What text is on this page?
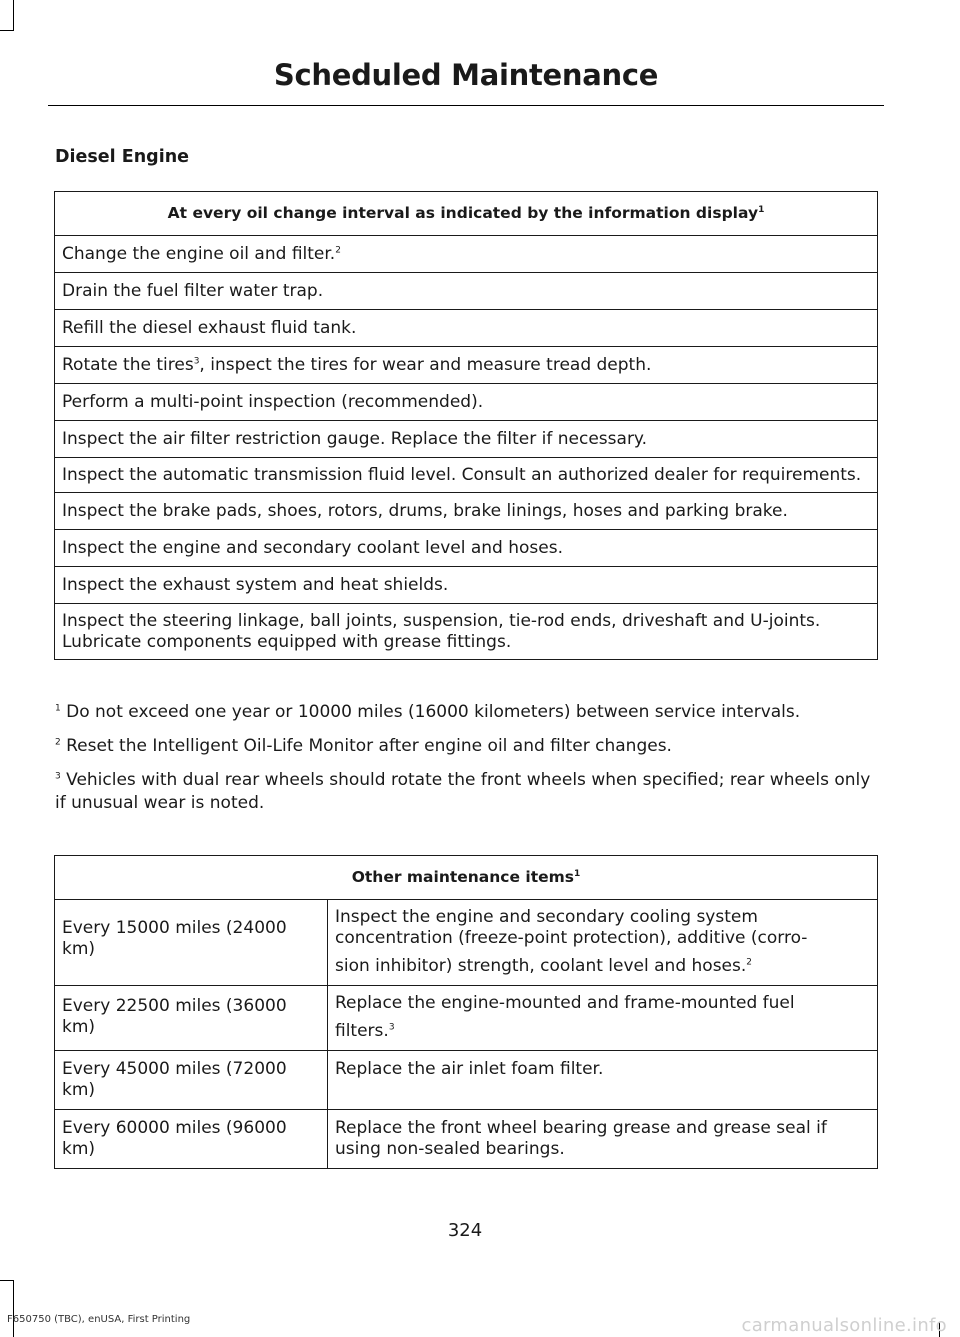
Scheduled Maintenance
Diesel Engine
At every oil change interval as indicated by the information display$^1$
Change the engine oil and filter.$^2$
Drain the fuel filter water trap.
Refill the diesel exhaust fluid tank.
Rotate the tires$^3$, inspect the tires for wear and measure tread depth.
Perform a multi-point inspection (recommended).
Inspect the air filter restriction gauge. Replace the filter if necessary.
Inspect the automatic transmission fluid level. Consult an authorized dealer for requirements.
Inspect the brake pads, shoes, rotors, drums, brake linings, hoses and parking brake.
Inspect the engine and secondary coolant level and hoses.
Inspect the exhaust system and heat shields.
Inspect the steering linkage, ball joints, suspension, tie-rod ends, driveshaft and U-joints. Lubricate components equipped with grease fittings.

$^1$ Do not exceed one year or 10000 miles (16000 kilometers) between service intervals.

$^2$ Reset the Intelligent Oil-Life Monitor after engine oil and filter changes.

$^3$ Vehicles with dual rear wheels should rotate the front wheels when specified; rear wheels only if unusual wear is noted.

Other maintenance items$^1$
Every 15000 miles (24000 km)	Inspect the engine and secondary cooling system concentration (freeze-point protection), additive (corro-
sion inhibitor) strength, coolant level and hoses.$^2$
Every 22500 miles (36000 km)	Replace the engine-mounted and frame-mounted fuel
filters.$^3$
Every 45000 miles (72000 km)	Replace the air inlet foam filter.
Every 60000 miles (96000 km)	Replace the front wheel bearing grease and grease seal if using non-sealed bearings.
324
F650750 (TBC), enUSA, First Printing	carmanualsonline.info
